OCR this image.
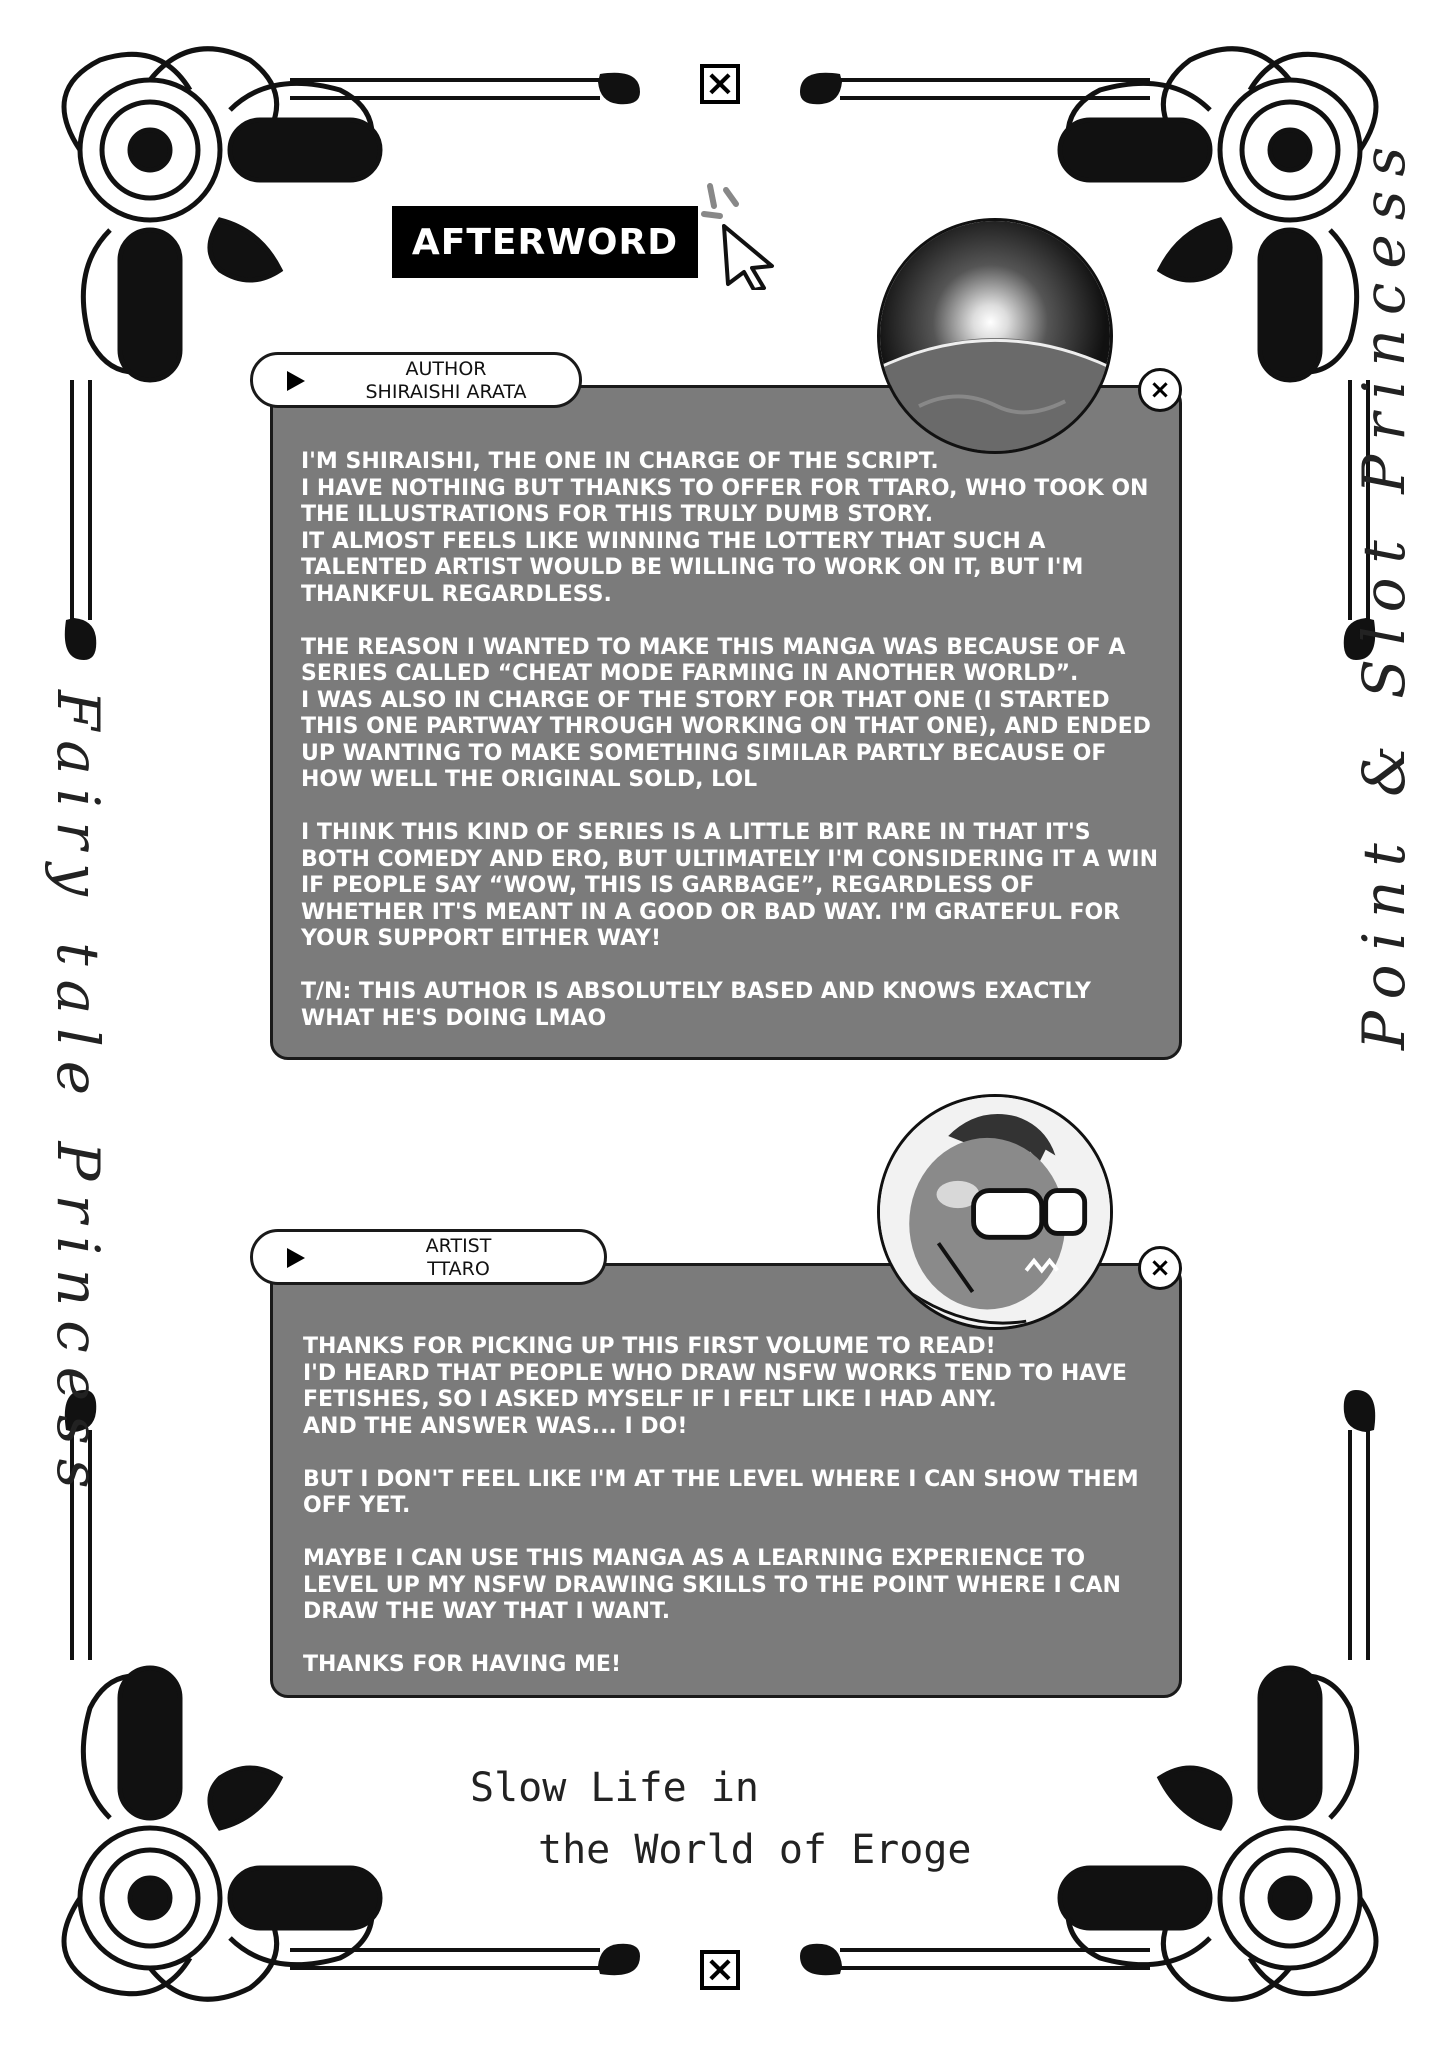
×
×
AFTERWORD

I'M SHIRAISHI, THE ONE IN CHARGE OF THE SCRIPT.
I HAVE NOTHING BUT THANKS TO OFFER FOR TTARO, WHO TOOK ON THE ILLUSTRATIONS FOR THIS TRULY DUMB STORY.
IT ALMOST FEELS LIKE WINNING THE LOTTERY THAT SUCH A TALENTED ARTIST WOULD BE WILLING TO WORK ON IT, BUT I'M THANKFUL REGARDLESS.

THE REASON I WANTED TO MAKE THIS MANGA WAS BECAUSE OF A SERIES CALLED “CHEAT MODE FARMING IN ANOTHER WORLD”.
I WAS ALSO IN CHARGE OF THE STORY FOR THAT ONE (I STARTED THIS ONE PARTWAY THROUGH WORKING ON THAT ONE), AND ENDED UP WANTING TO MAKE SOMETHING SIMILAR PARTLY BECAUSE OF HOW WELL THE ORIGINAL SOLD, LOL

I THINK THIS KIND OF SERIES IS A LITTLE BIT RARE IN THAT IT'S BOTH COMEDY AND ERO, BUT ULTIMATELY I'M CONSIDERING IT A WIN IF PEOPLE SAY “WOW, THIS IS GARBAGE”, REGARDLESS OF WHETHER IT'S MEANT IN A GOOD OR BAD WAY. I'M GRATEFUL FOR YOUR SUPPORT EITHER WAY!

T/N: THIS AUTHOR IS ABSOLUTELY BASED AND KNOWS EXACTLY WHAT HE'S DOING LMAO

AUTHOR
SHIRAISHI ARATA	×

THANKS FOR PICKING UP THIS FIRST VOLUME TO READ!
I'D HEARD THAT PEOPLE WHO DRAW NSFW WORKS TEND TO HAVE FETISHES, SO I ASKED MYSELF IF I FELT LIKE I HAD ANY.
AND THE ANSWER WAS... I DO!

BUT I DON'T FEEL LIKE I'M AT THE LEVEL WHERE I CAN SHOW THEM OFF YET.

MAYBE I CAN USE THIS MANGA AS A LEARNING EXPERIENCE TO LEVEL UP MY NSFW DRAWING SKILLS TO THE POINT WHERE I CAN DRAW THE WAY THAT I WANT.

THANKS FOR HAVING ME!

ARTIST
TTARO	×
Fairy tale Princess
Point & Slot Princess
Slow Life in
the World of Eroge
